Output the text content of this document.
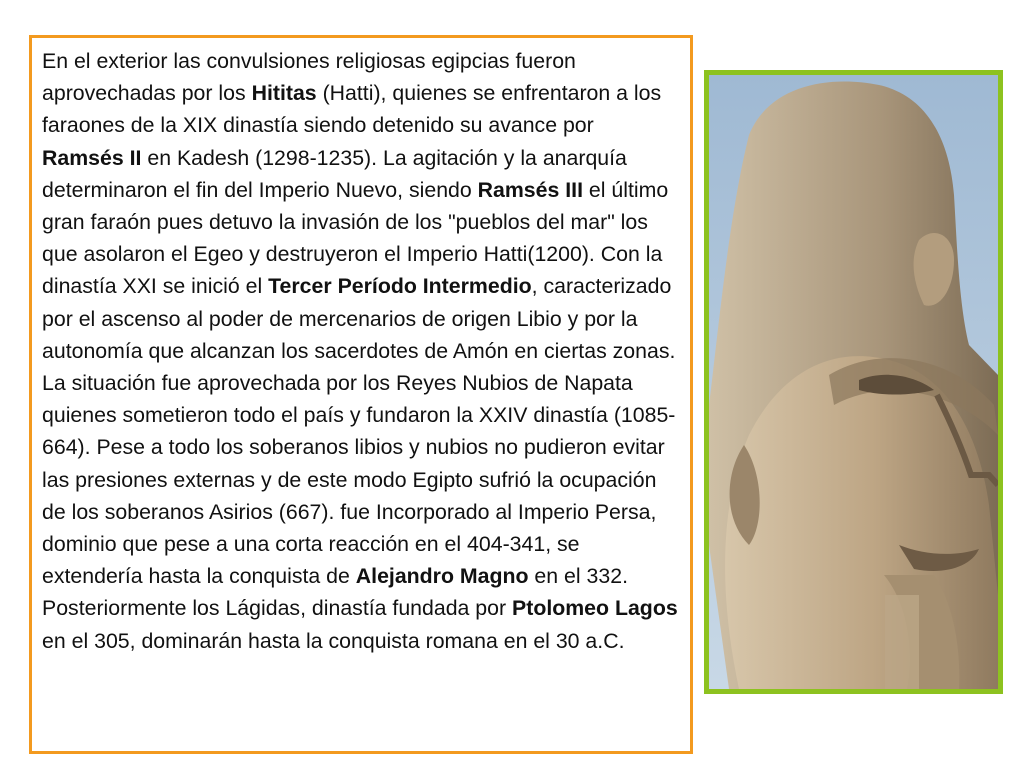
En el exterior las convulsiones religiosas egipcias fueron aprovechadas por los Hititas (Hatti), quienes se enfrentaron a los faraones de la XIX dinastía siendo detenido su avance por Ramsés II en Kadesh (1298-1235). La agitación y la anarquía determinaron el fin del Imperio Nuevo, siendo Ramsés III el último gran faraón pues detuvo la invasión de los "pueblos del mar" los que asolaron el Egeo y destruyeron el Imperio Hatti(1200). Con la dinastía XXI se inició el Tercer Período Intermedio, caracterizado por el ascenso al poder de mercenarios de origen Libio y por la autonomía que alcanzan los sacerdotes de Amón en ciertas zonas. La situación fue aprovechada por los Reyes Nubios de Napata quienes sometieron todo el país y fundaron la XXIV dinastía (1085-664). Pese a todo los soberanos libios y nubios no pudieron evitar las presiones externas y de este modo Egipto sufrió la ocupación de los soberanos Asirios (667). fue Incorporado al Imperio Persa, dominio que pese a una corta reacción en el 404-341, se extendería hasta la conquista de Alejandro Magno en el 332. Posteriormente los Lágidas, dinastía fundada por Ptolomeo Lagos en el 305, dominarán hasta la conquista romana en el 30 a.C.
